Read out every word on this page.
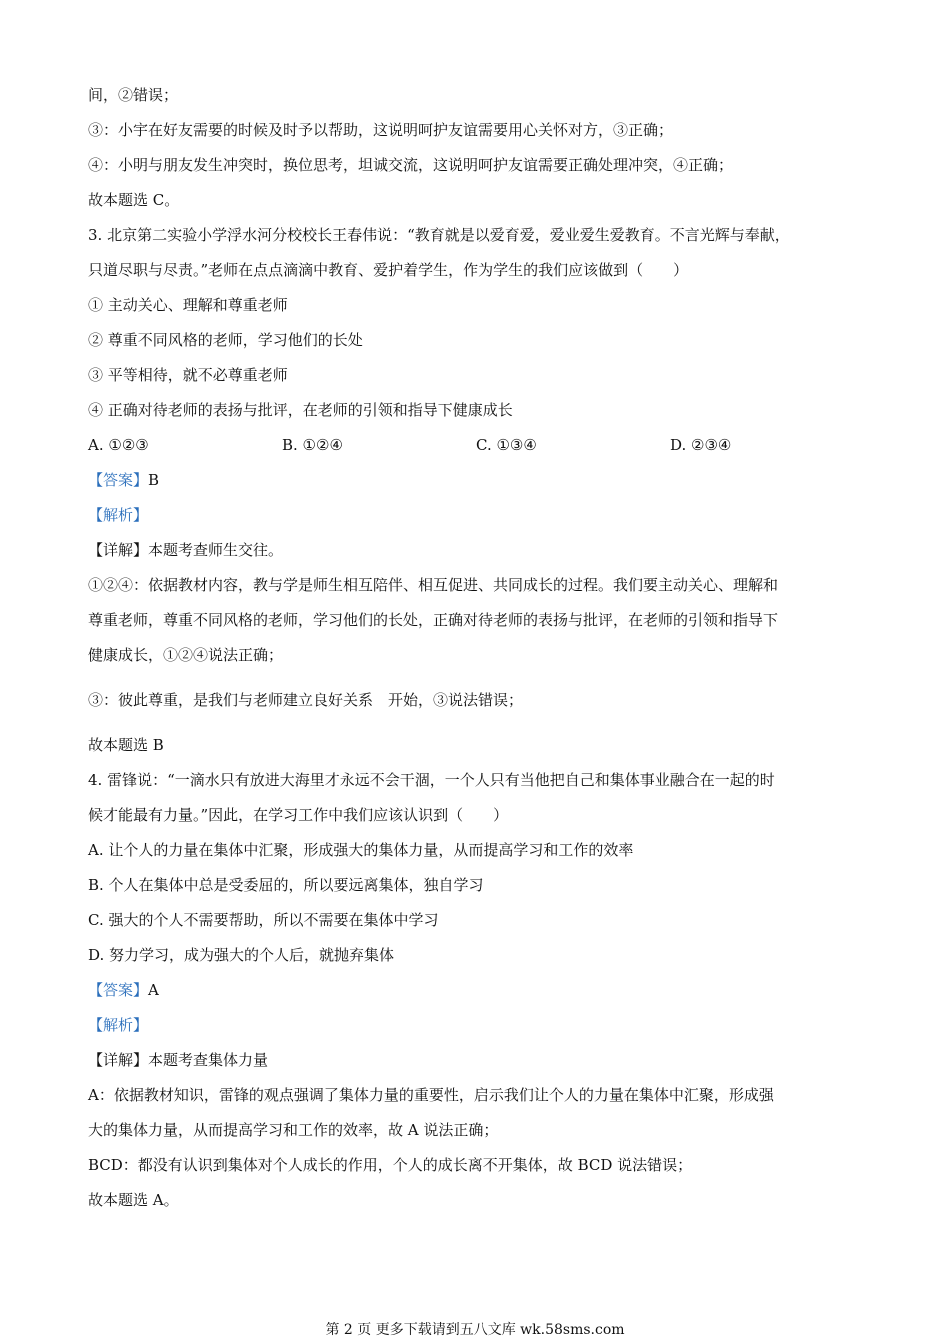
间，②错误；
③：小宇在好友需要的时候及时予以帮助，这说明呵护友谊需要用心关怀对方，③正确；
④：小明与朋友发生冲突时，换位思考，坦诚交流，这说明呵护友谊需要正确处理冲突，④正确；
故本题选 C。
3. 北京第二实验小学浮水河分校校长王春伟说：“教育就是以爱育爱，爱业爱生爱教育。不言光辉与奉献，
只道尽职与尽责。”老师在点点滴滴中教育、爱护着学生，作为学生的我们应该做到（　　）
① 主动关心、理解和尊重老师
② 尊重不同风格的老师，学习他们的长处
③ 平等相待，就不必尊重老师
④ 正确对待老师的表扬与批评，在老师的引领和指导下健康成长
A. ①②③	B. ①②④	C. ①③④	D. ②③④
【答案】B
【解析】
【详解】本题考查师生交往。
①②④：依据教材内容，教与学是师生相互陪伴、相互促进、共同成长的过程。我们要主动关心、理解和
尊重老师，尊重不同风格的老师，学习他们的长处，正确对待老师的表扬与批评，在老师的引领和指导下
健康成长，①②④说法正确；
③：彼此尊重，是我们与老师建立良好关系　开始，③说法错误；
故本题选 B
4. 雷锋说：“一滴水只有放进大海里才永远不会干涸，一个人只有当他把自己和集体事业融合在一起的时
候才能最有力量。”因此，在学习工作中我们应该认识到（　　）
A. 让个人的力量在集体中汇聚，形成强大的集体力量，从而提高学习和工作的效率
B. 个人在集体中总是受委屈的，所以要远离集体，独自学习
C. 强大的个人不需要帮助，所以不需要在集体中学习
D. 努力学习，成为强大的个人后，就抛弃集体
【答案】A
【解析】
【详解】本题考查集体力量
A：依据教材知识，雷锋的观点强调了集体力量的重要性，启示我们让个人的力量在集体中汇聚，形成强
大的集体力量，从而提高学习和工作的效率，故 A 说法正确；
BCD：都没有认识到集体对个人成长的作用，个人的成长离不开集体，故 BCD 说法错误；
故本题选 A。
第 2 页 更多下载请到五八文库 wk.58sms.com
